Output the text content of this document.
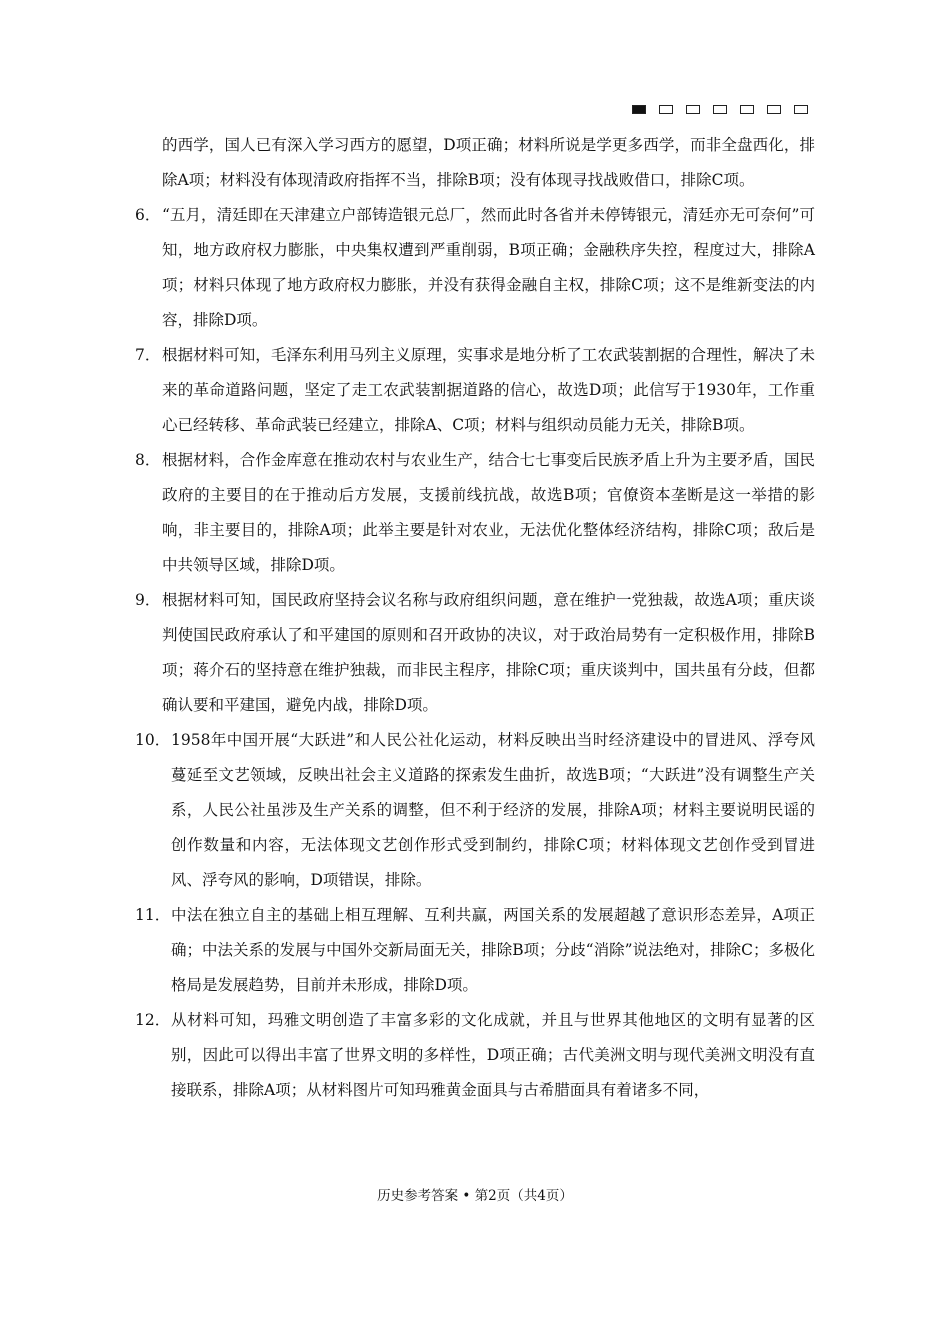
的西学，国人已有深入学习西方的愿望，D项正确；材料所说是学更多西学，而非全盘西化，排除A项；材料没有体现清政府指挥不当，排除B项；没有体现寻找战败借口，排除C项。

6． “五月，清廷即在天津建立户部铸造银元总厂，然而此时各省并未停铸银元，清廷亦无可奈何”可知，地方政府权力膨胀，中央集权遭到严重削弱，B项正确；金融秩序失控，程度过大，排除A项；材料只体现了地方政府权力膨胀，并没有获得金融自主权，排除C项；这不是维新变法的内容，排除D项。

7． 根据材料可知，毛泽东利用马列主义原理，实事求是地分析了工农武装割据的合理性，解决了未来的革命道路问题，坚定了走工农武装割据道路的信心，故选D项；此信写于1930年，工作重心已经转移、革命武装已经建立，排除A、C项；材料与组织动员能力无关，排除B项。

8． 根据材料，合作金库意在推动农村与农业生产，结合七七事变后民族矛盾上升为主要矛盾，国民政府的主要目的在于推动后方发展，支援前线抗战，故选B项；官僚资本垄断是这一举措的影响，非主要目的，排除A项；此举主要是针对农业，无法优化整体经济结构，排除C项；敌后是中共领导区域，排除D项。

9． 根据材料可知，国民政府坚持会议名称与政府组织问题，意在维护一党独裁，故选A项；重庆谈判使国民政府承认了和平建国的原则和召开政协的决议，对于政治局势有一定积极作用，排除B项；蒋介石的坚持意在维护独裁，而非民主程序，排除C项；重庆谈判中，国共虽有分歧，但都确认要和平建国，避免内战，排除D项。

10． 1958年中国开展“大跃进”和人民公社化运动，材料反映出当时经济建设中的冒进风、浮夸风蔓延至文艺领域，反映出社会主义道路的探索发生曲折，故选B项；“大跃进”没有调整生产关系，人民公社虽涉及生产关系的调整，但不利于经济的发展，排除A项；材料主要说明民谣的创作数量和内容，无法体现文艺创作形式受到制约，排除C项；材料体现文艺创作受到冒进风、浮夸风的影响，D项错误，排除。

11． 中法在独立自主的基础上相互理解、互利共赢，两国关系的发展超越了意识形态差异，A项正确；中法关系的发展与中国外交新局面无关，排除B项；分歧“消除”说法绝对，排除C；多极化格局是发展趋势，目前并未形成，排除D项。

12． 从材料可知，玛雅文明创造了丰富多彩的文化成就，并且与世界其他地区的文明有显著的区别，因此可以得出丰富了世界文明的多样性，D项正确；古代美洲文明与现代美洲文明没有直接联系，排除A项；从材料图片可知玛雅黄金面具与古希腊面具有着诸多不同，

历史参考答案 • 第2页（共4页）
